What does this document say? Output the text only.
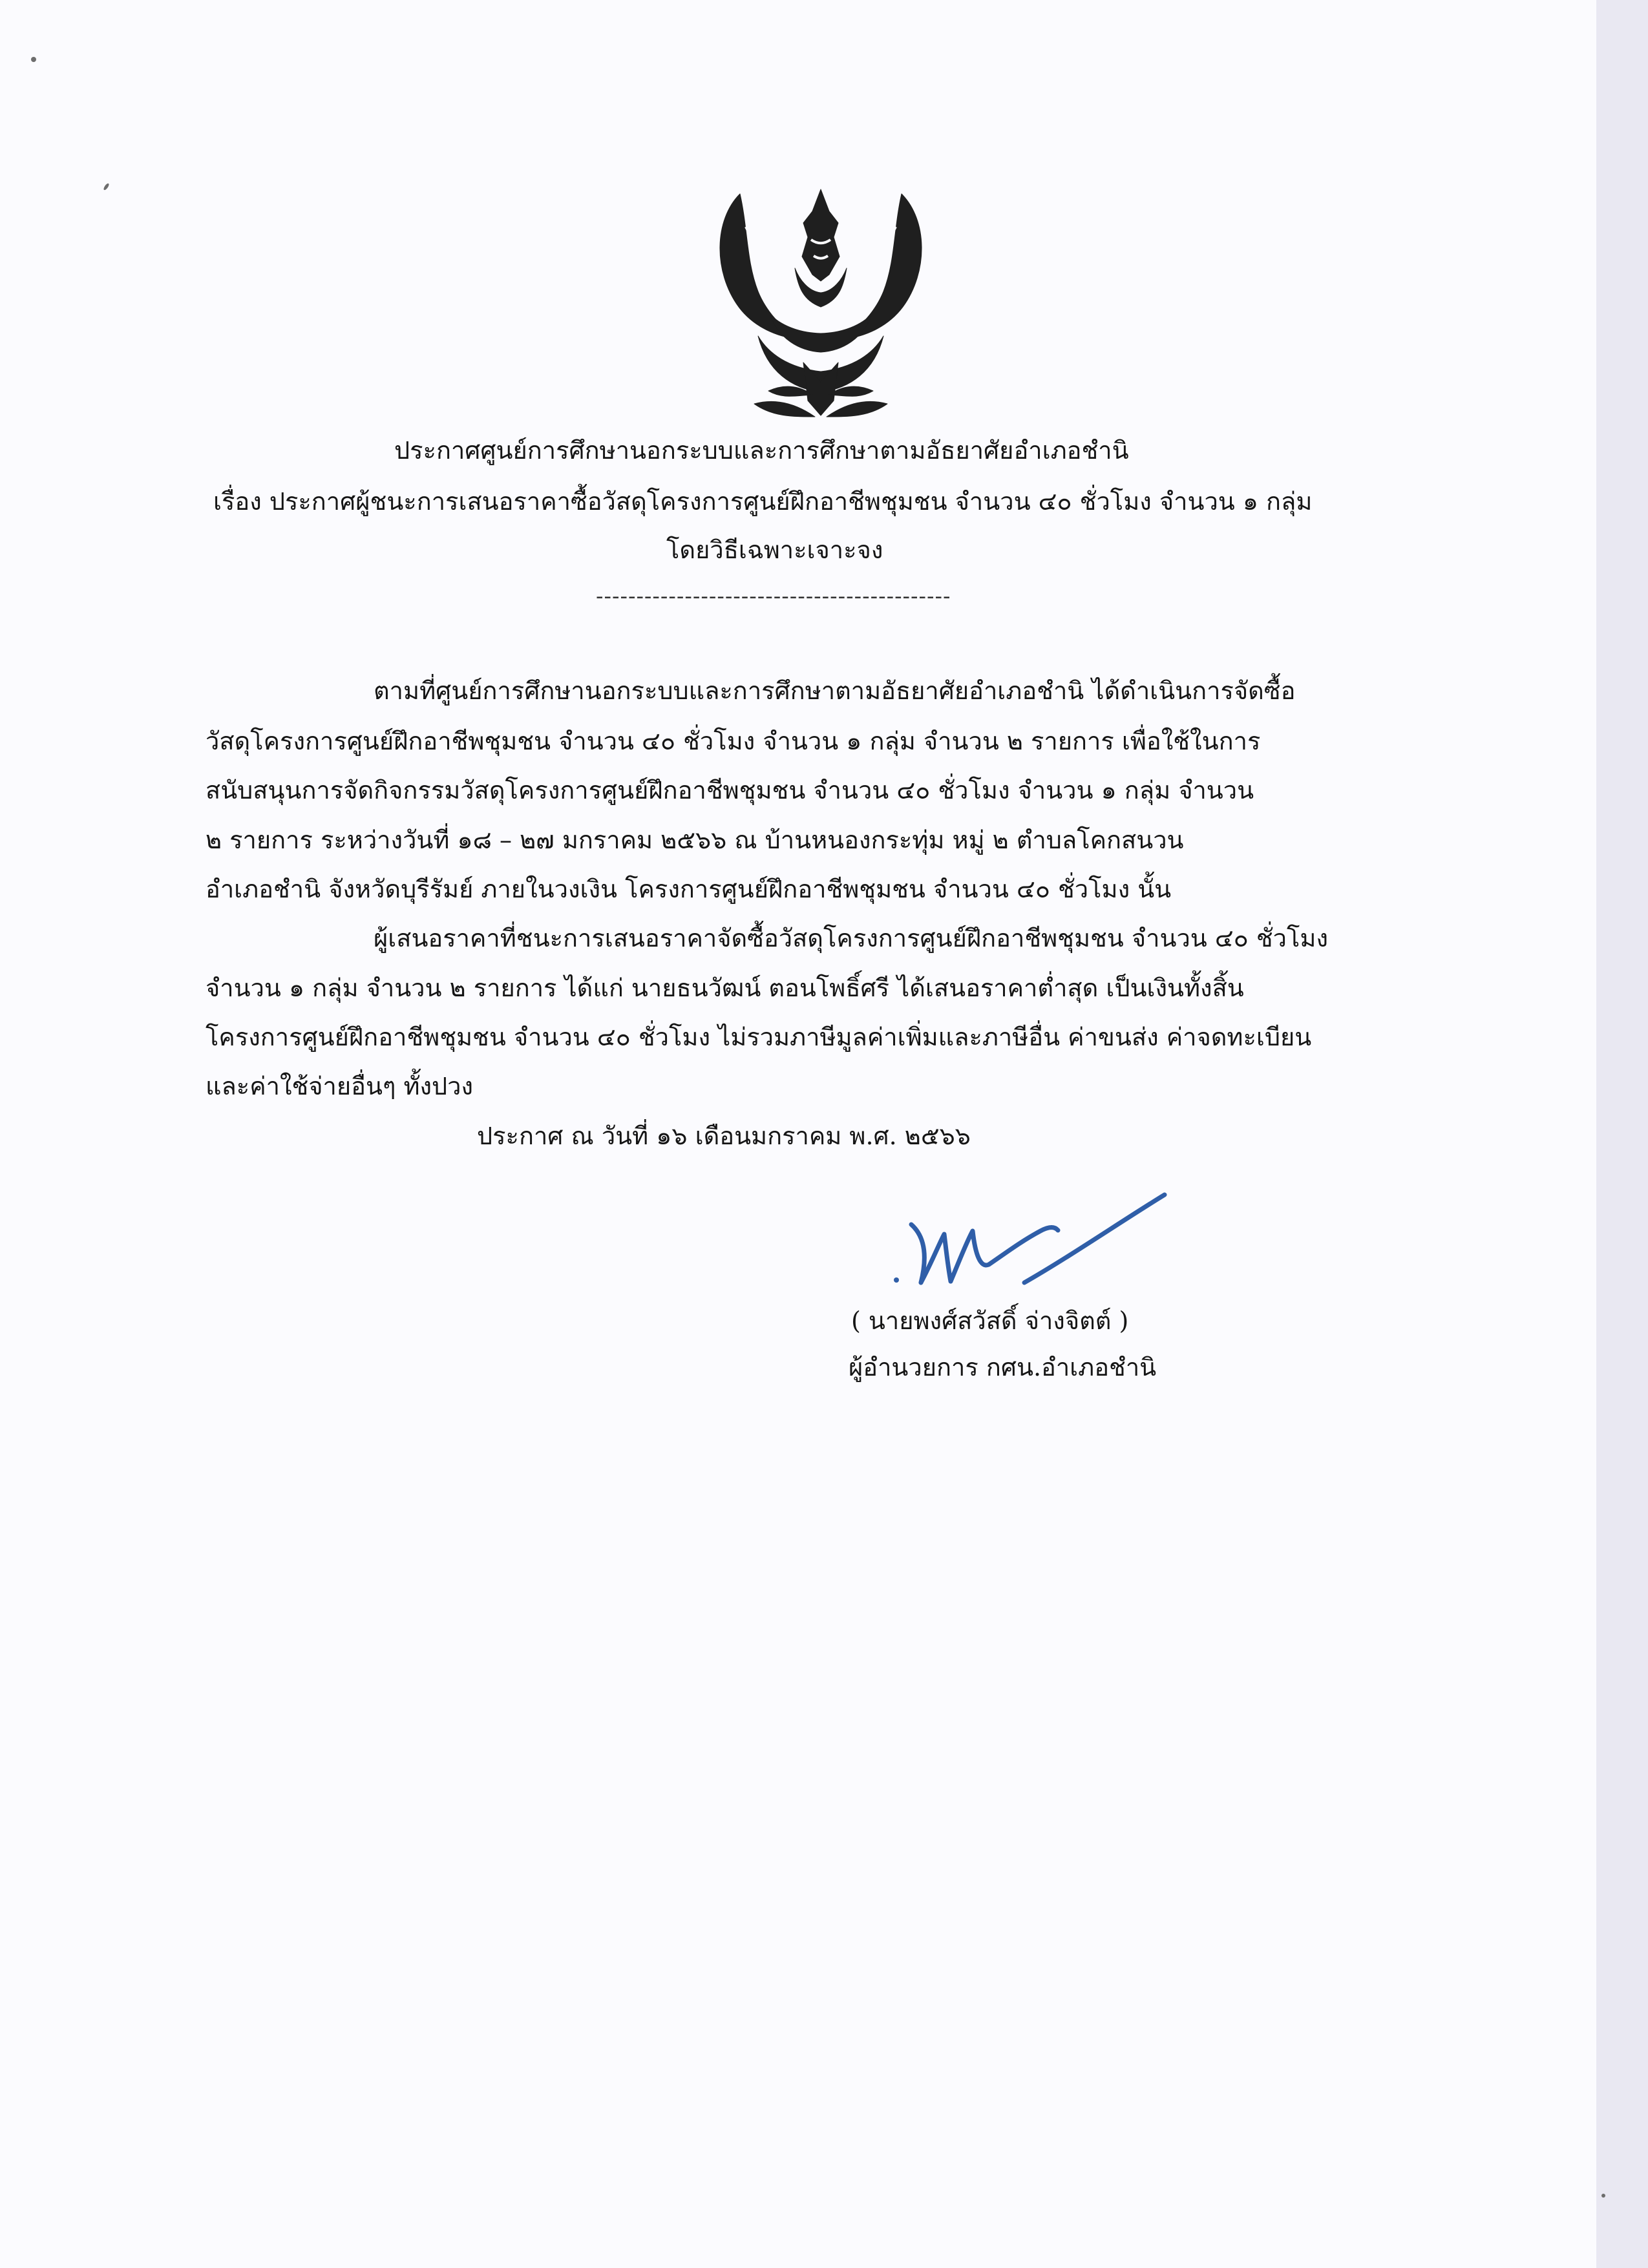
ประกาศศูนย์การศึกษานอกระบบและการศึกษาตามอัธยาศัยอำเภอชำนิ
เรื่อง ประกาศผู้ชนะการเสนอราคาซื้อวัสดุโครงการศูนย์ฝึกอาชีพชุมชน จำนวน ๔๐ ชั่วโมง จำนวน ๑ กลุ่ม
โดยวิธีเฉพาะเจาะจง
--------------------------------------------
ตามที่ศูนย์การศึกษานอกระบบและการศึกษาตามอัธยาศัยอำเภอชำนิ ได้ดำเนินการจัดซื้อ
วัสดุโครงการศูนย์ฝึกอาชีพชุมชน จำนวน ๔๐ ชั่วโมง จำนวน ๑ กลุ่ม จำนวน ๒ รายการ เพื่อใช้ในการ
สนับสนุนการจัดกิจกรรมวัสดุโครงการศูนย์ฝึกอาชีพชุมชน จำนวน ๔๐ ชั่วโมง จำนวน ๑ กลุ่ม จำนวน
๒ รายการ ระหว่างวันที่ ๑๘ – ๒๗ มกราคม ๒๕๖๖ ณ บ้านหนองกระทุ่ม หมู่ ๒ ตำบลโคกสนวน
อำเภอชำนิ จังหวัดบุรีรัมย์ ภายในวงเงิน โครงการศูนย์ฝึกอาชีพชุมชน จำนวน ๔๐ ชั่วโมง นั้น
ผู้เสนอราคาที่ชนะการเสนอราคาจัดซื้อวัสดุโครงการศูนย์ฝึกอาชีพชุมชน จำนวน ๔๐ ชั่วโมง
จำนวน ๑ กลุ่ม จำนวน ๒ รายการ ได้แก่ นายธนวัฒน์ ตอนโพธิ์ศรี ได้เสนอราคาต่ำสุด เป็นเงินทั้งสิ้น
โครงการศูนย์ฝึกอาชีพชุมชน จำนวน ๔๐ ชั่วโมง ไม่รวมภาษีมูลค่าเพิ่มและภาษีอื่น ค่าขนส่ง ค่าจดทะเบียน
และค่าใช้จ่ายอื่นๆ ทั้งปวง
ประกาศ ณ วันที่ ๑๖ เดือนมกราคม พ.ศ. ๒๕๖๖
( นายพงศ์สวัสดิ์ จ่างจิตต์ )
ผู้อำนวยการ กศน.อำเภอชำนิ
